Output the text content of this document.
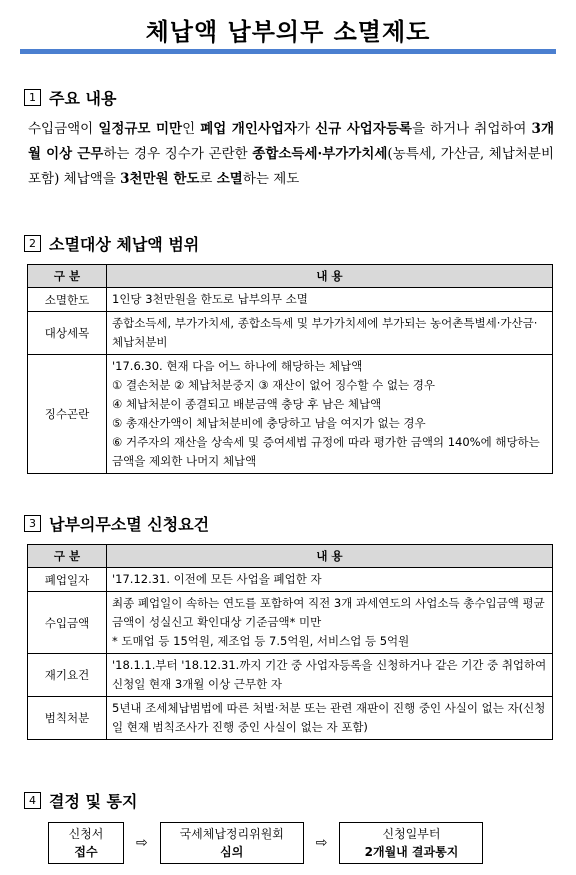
체납액 납부의무 소멸제도
1 주요 내용
수입금액이 일정규모 미만인 폐업 개인사업자가 신규 사업자등록을 하거나 취업하여 3개월 이상 근무하는 경우 징수가 곤란한 종합소득세·부가가치세(농특세, 가산금, 체납처분비 포함) 체납액을 3천만원 한도로 소멸하는 제도
2 소멸대상 체납액 범위
구 분	내 용
소멸한도	1인당 3천만원을 한도로 납부의무 소멸

대상세목	종합소득세, 부가가치세, 종합소득세 및 부가가치세에 부가되는 농어촌특별세·가산금·체납처분비

징수곤란	'17.6.30. 현재 다음 어느 하나에 해당하는 체납액
① 결손처분 ② 체납처분중지 ③ 재산이 없어 징수할 수 없는 경우
④ 체납처분이 종결되고 배분금액 충당 후 남은 체납액
⑤ 총재산가액이 체납처분비에 충당하고 남을 여지가 없는 경우
⑥ 거주자의 재산을 상속세 및 증여세법 규정에 따라 평가한 금액의 140%에 해당하는 금액을 제외한 나머지 체납액
3 납부의무소멸 신청요건
구 분	내 용
폐업일자	'17.12.31. 이전에 모든 사업을 폐업한 자

수입금액	최종 폐업일이 속하는 연도를 포함하여 직전 3개 과세연도의 사업소득 총수입금액 평균금액이 성실신고 확인대상 기준금액* 미만
* 도매업 등 15억원, 제조업 등 7.5억원, 서비스업 등 5억원

재기요건	'18.1.1.부터 '18.12.31.까지 기간 중 사업자등록을 신청하거나 같은 기간 중 취업하여 신청일 현재 3개월 이상 근무한 자

범칙처분	5년내 조세체납범법에 따른 처벌·처분 또는 관련 재판이 진행 중인 사실이 없는 자(신청일 현재 범칙조사가 진행 중인 사실이 없는 자 포함)
4 결정 및 통지
신청서
접수
⇨
국세체납정리위원회
심의
⇨
신청일부터
2개월내 결과통지
